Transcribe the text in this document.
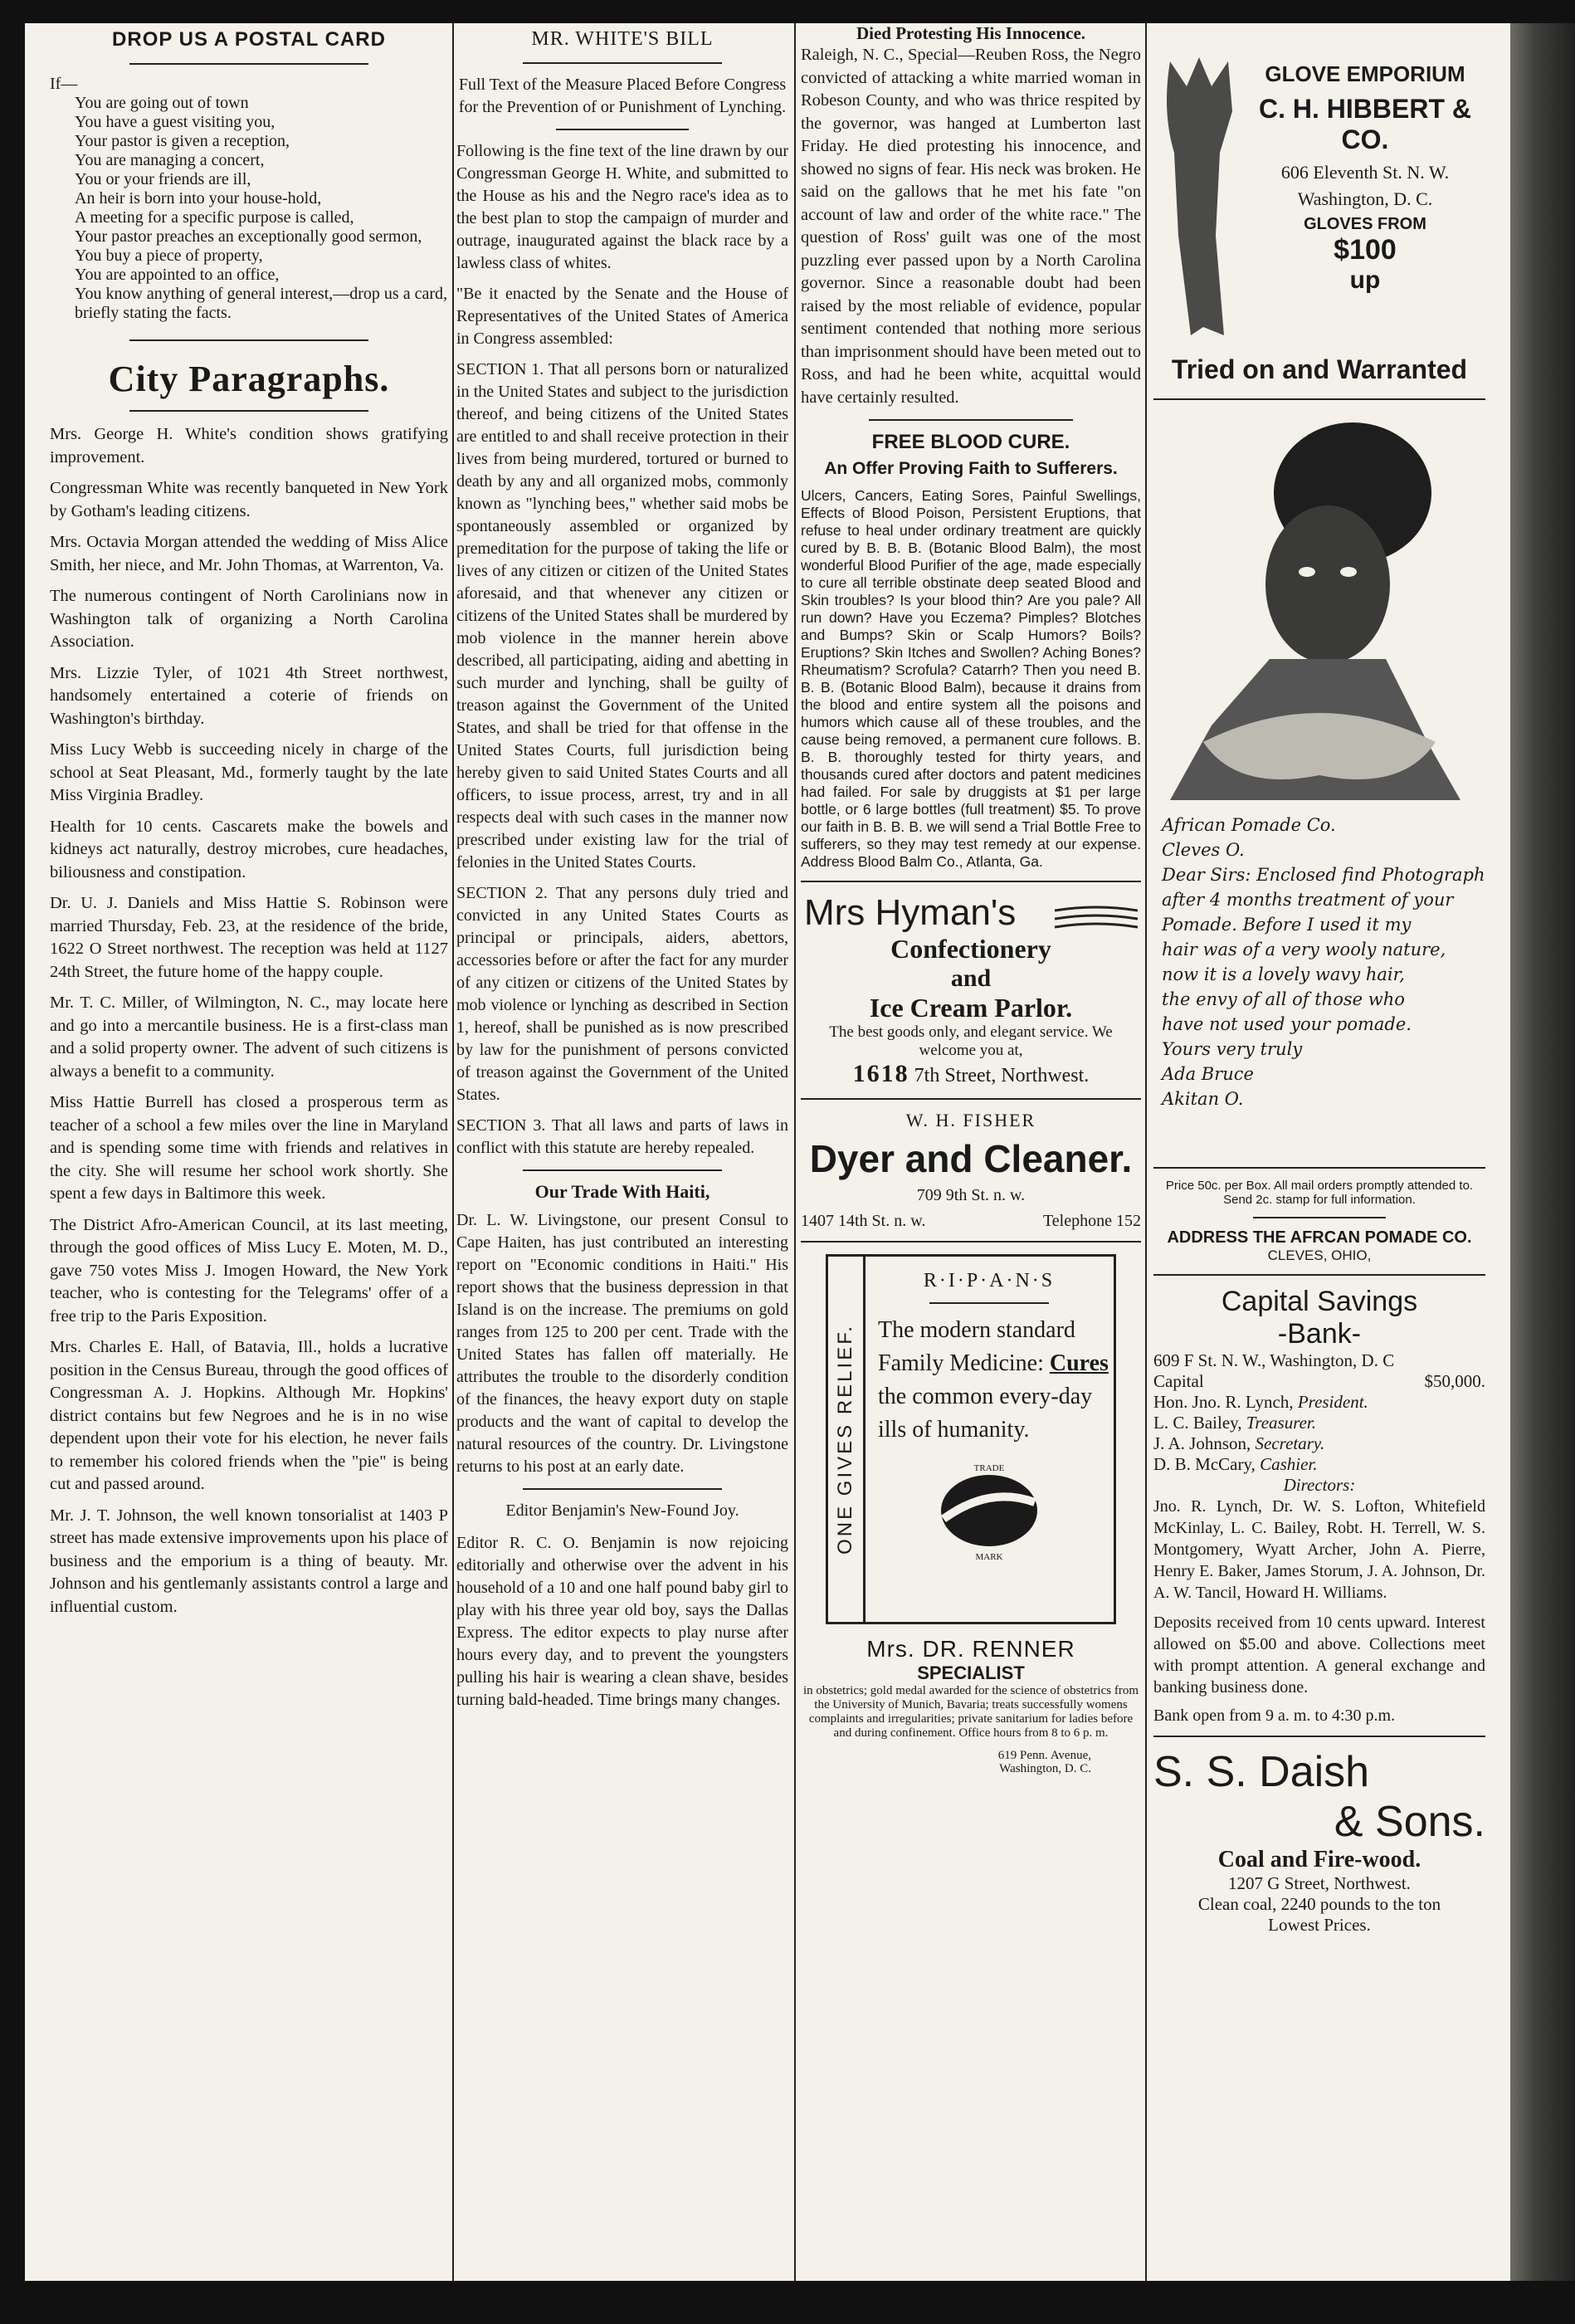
DROP US A POSTAL CARD

If—

You are going out of town

You have a guest visiting you,

Your pastor is given a reception,

You are managing a concert,

You or your friends are ill,

An heir is born into your house-hold,

A meeting for a specific purpose is called,

Your pastor preaches an exceptionally good sermon,

You buy a piece of property,

You are appointed to an office,

You know anything of general interest,—drop us a card, briefly stating the facts.

City Paragraphs.

Mrs. George H. White's condition shows gratifying improvement.

Congressman White was recently banqueted in New York by Gotham's leading citizens.

Mrs. Octavia Morgan attended the wedding of Miss Alice Smith, her niece, and Mr. John Thomas, at Warrenton, Va.

The numerous contingent of North Carolinians now in Washington talk of organizing a North Carolina Association.

Mrs. Lizzie Tyler, of 1021 4th Street northwest, handsomely entertained a coterie of friends on Washington's birthday.

Miss Lucy Webb is succeeding nicely in charge of the school at Seat Pleasant, Md., formerly taught by the late Miss Virginia Bradley.

Health for 10 cents. Cascarets make the bowels and kidneys act naturally, destroy microbes, cure headaches, biliousness and constipation.

Dr. U. J. Daniels and Miss Hattie S. Robinson were married Thursday, Feb. 23, at the residence of the bride, 1622 O Street northwest. The reception was held at 1127 24th Street, the future home of the happy couple.

Mr. T. C. Miller, of Wilmington, N. C., may locate here and go into a mercantile business. He is a first-class man and a solid property owner. The advent of such citizens is always a benefit to a community.

Miss Hattie Burrell has closed a prosperous term as teacher of a school a few miles over the line in Maryland and is spending some time with friends and relatives in the city. She will resume her school work shortly. She spent a few days in Baltimore this week.

The District Afro-American Council, at its last meeting, through the good offices of Miss Lucy E. Moten, M. D., gave 750 votes Miss J. Imogen Howard, the New York teacher, who is contesting for the Telegrams' offer of a free trip to the Paris Exposition.

Mrs. Charles E. Hall, of Batavia, Ill., holds a lucrative position in the Census Bureau, through the good offices of Congressman A. J. Hopkins. Although Mr. Hopkins' district contains but few Negroes and he is in no wise dependent upon their vote for his election, he never fails to remember his colored friends when the "pie" is being cut and passed around.

Mr. J. T. Johnson, the well known tonsorialist at 1403 P street has made extensive improvements upon his place of business and the emporium is a thing of beauty. Mr. Johnson and his gentlemanly assistants control a large and influential custom.

MR. WHITE'S BILL

Full Text of the Measure Placed Before Congress for the Prevention of or Punishment of Lynching.

Following is the fine text of the line drawn by our Congressman George H. White, and submitted to the House as his and the Negro race's idea as to the best plan to stop the campaign of murder and outrage, inaugurated against the black race by a lawless class of whites.

"Be it enacted by the Senate and the House of Representatives of the United States of America in Congress assembled:

SECTION 1. That all persons born or naturalized in the United States and subject to the jurisdiction thereof, and being citizens of the United States are entitled to and shall receive protection in their lives from being murdered, tortured or burned to death by any and all organized mobs, commonly known as "lynching bees," whether said mobs be spontaneously assembled or organized by premeditation for the purpose of taking the life or lives of any citizen or citizen of the United States aforesaid, and that whenever any citizen or citizens of the United States shall be murdered by mob violence in the manner herein above described, all participating, aiding and abetting in such murder and lynching, shall be guilty of treason against the Government of the United States, and shall be tried for that offense in the United States Courts, full jurisdiction being hereby given to said United States Courts and all officers, to issue process, arrest, try and in all respects deal with such cases in the manner now prescribed under existing law for the trial of felonies in the United States Courts.

SECTION 2. That any persons duly tried and convicted in any United States Courts as principal or principals, aiders, abettors, accessories before or after the fact for any murder of any citizen or citizens of the United States by mob violence or lynching as described in Section 1, hereof, shall be punished as is now prescribed by law for the punishment of persons convicted of treason against the Government of the United States.

SECTION 3. That all laws and parts of laws in conflict with this statute are hereby repealed.

Our Trade With Haiti,

Dr. L. W. Livingstone, our present Consul to Cape Haiten, has just contributed an interesting report on "Economic conditions in Haiti." His report shows that the business depression in that Island is on the increase. The premiums on gold ranges from 125 to 200 per cent. Trade with the United States has fallen off materially. He attributes the trouble to the disorderly condition of the finances, the heavy export duty on staple products and the want of capital to develop the natural resources of the country. Dr. Livingstone returns to his post at an early date.

Editor Benjamin's New-Found Joy.

Editor R. C. O. Benjamin is now rejoicing editorially and otherwise over the advent in his household of a 10 and one half pound baby girl to play with his three year old boy, says the Dallas Express. The editor expects to play nurse after hours every day, and to prevent the youngsters pulling his hair is wearing a clean shave, besides turning bald-headed. Time brings many changes.

Died Protesting His Innocence.

Raleigh, N. C., Special—Reuben Ross, the Negro convicted of attacking a white married woman in Robeson County, and who was thrice respited by the governor, was hanged at Lumberton last Friday. He died protesting his innocence, and showed no signs of fear. His neck was broken. He said on the gallows that he met his fate "on account of law and order of the white race." The question of Ross' guilt was one of the most puzzling ever passed upon by a North Carolina governor. Since a reasonable doubt had been raised by the most reliable of evidence, popular sentiment contended that nothing more serious than imprisonment should have been meted out to Ross, and had he been white, acquittal would have certainly resulted.

FREE BLOOD CURE.
An Offer Proving Faith to Sufferers.

Ulcers, Cancers, Eating Sores, Painful Swellings, Effects of Blood Poison, Persistent Eruptions, that refuse to heal under ordinary treatment are quickly cured by B. B. B. (Botanic Blood Balm), the most wonderful Blood Purifier of the age, made especially to cure all terrible obstinate deep seated Blood and Skin troubles? Is your blood thin? Are you pale? All run down? Have you Eczema? Pimples? Blotches and Bumps? Skin or Scalp Humors? Boils? Eruptions? Skin Itches and Swollen? Aching Bones? Rheumatism? Scrofula? Catarrh? Then you need B. B. B. (Botanic Blood Balm), because it drains from the blood and entire system all the poisons and humors which cause all of these troubles, and the cause being removed, a permanent cure follows. B. B. B. thoroughly tested for thirty years, and thousands cured after doctors and patent medicines had failed. For sale by druggists at $1 per large bottle, or 6 large bottles (full treatment) $5. To prove our faith in B. B. B. we will send a Trial Bottle Free to sufferers, so they may test remedy at our expense. Address Blood Balm Co., Atlanta, Ga.

Mrs Hyman's
Confectionery
and
Ice Cream Parlor.
The best goods only, and elegant service. We welcome you at,
1618 7th Street, Northwest.
W. H. FISHER
Dyer and Cleaner.
709 9th St. n. w.
1407 14th St. n. w.	Telephone 152
ONE GIVES RELIEF.
R·I·P·A·N·S
The modern standard Family Medicine: Cures the common every-day ills of humanity.
TRADE
MARK
Mrs. DR. RENNER
SPECIALIST

in obstetrics; gold medal awarded for the science of obstetrics from the University of Munich, Bavaria; treats successfully womens complaints and irregularities; private sanitarium for ladies before and during confinement. Office hours from 8 to 6 p. m.

619 Penn. Avenue,
Washington, D. C.
GLOVE EMPORIUM
C. H. HIBBERT & CO.
606 Eleventh St. N. W.
Washington, D. C.
GLOVES FROM
$100
up
Tried on and Warranted
African Pomade Co.
Cleves O.
Dear Sirs: Enclosed find Photograph
after 4 months treatment of your
Pomade. Before I used it my
hair was of a very wooly nature,
now it is a lovely wavy hair,
the envy of all of those who
have not used your pomade.
Yours very truly
Ada Bruce
Akitan O.
Price 50c. per Box. All mail orders promptly attended to. Send 2c. stamp for full information.
ADDRESS THE AFRCAN POMADE CO.
CLEVES, OHIO,
Capital Savings
-Bank-
609 F St. N. W., Washington, D. C
Capital	$50,000.
Hon. Jno. R. Lynch, President.
L. C. Bailey, Treasurer.
J. A. Johnson, Secretary.
D. B. McCary, Cashier.
Directors:

Jno. R. Lynch, Dr. W. S. Lofton, Whitefield McKinlay, L. C. Bailey, Robt. H. Terrell, W. S. Montgomery, Wyatt Archer, John A. Pierre, Henry E. Baker, James Storum, J. A. Johnson, Dr. A. W. Tancil, Howard H. Williams.

Deposits received from 10 cents upward. Interest allowed on $5.00 and above. Collections meet with prompt attention. A general exchange and banking business done.

Bank open from 9 a. m. to 4:30 p.m.
S. S. Daish
& Sons.
Coal and Fire-wood.
1207 G Street, Northwest.
Clean coal, 2240 pounds to the ton
Lowest Prices.
